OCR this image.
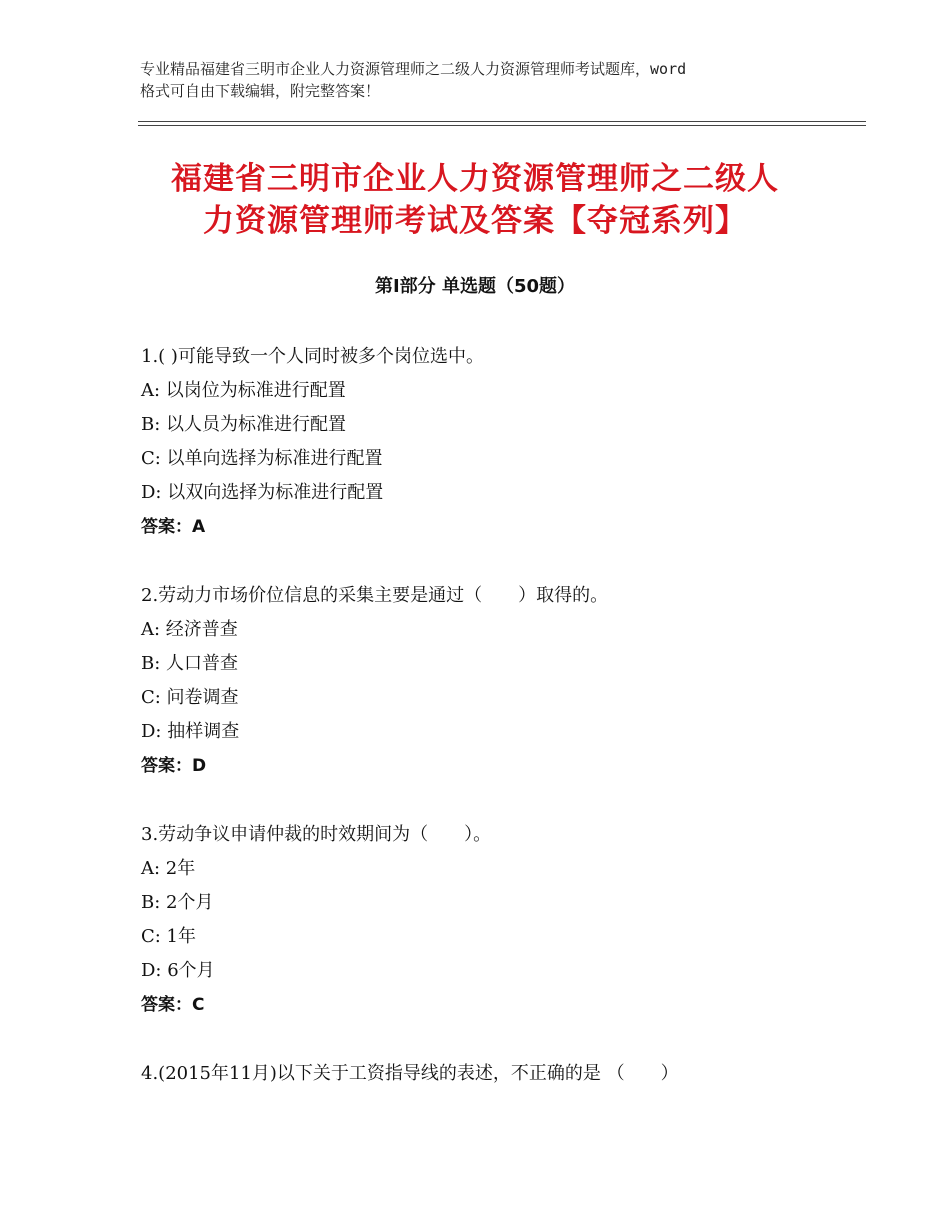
专业精品福建省三明市企业人力资源管理师之二级人力资源管理师考试题库，word
格式可自由下载编辑，附完整答案！
福建省三明市企业人力资源管理师之二级人
力资源管理师考试及答案【夺冠系列】
第Ⅰ部分 单选题（50题）
1.( )可能导致一个人同时被多个岗位选中。
A: 以岗位为标准进行配置
B: 以人员为标准进行配置
C: 以单向选择为标准进行配置
D: 以双向选择为标准进行配置
答案：A
2.劳动力市场价位信息的采集主要是通过（　　）取得的。
A: 经济普查
B: 人口普查
C: 问卷调查
D: 抽样调查
答案：D
3.劳动争议申请仲裁的时效期间为（　　）。
A: 2年
B: 2个月
C: 1年
D: 6个月
答案：C
4.(2015年11月)以下关于工资指导线的表述，不正确的是 （　　）
